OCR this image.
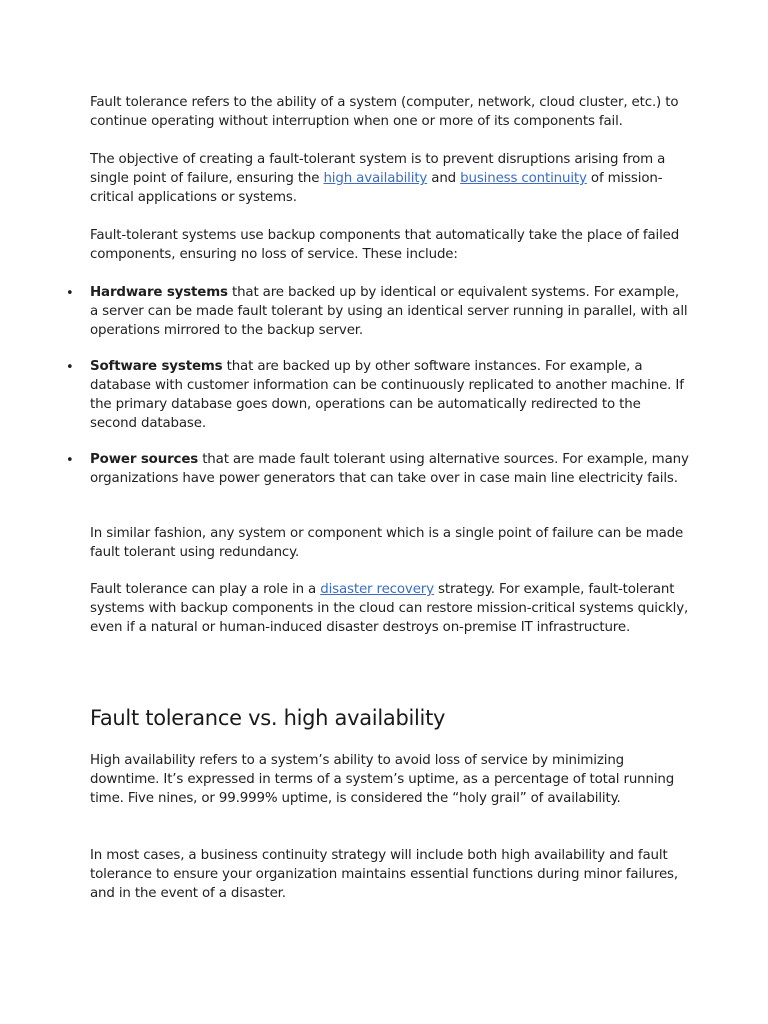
Fault tolerance refers to the ability of a system (computer, network, cloud cluster, etc.) to continue operating without interruption when one or more of its components fail.

The objective of creating a fault-tolerant system is to prevent disruptions arising from a single point of failure, ensuring the high availability and business continuity of mission-critical applications or systems.

Fault-tolerant systems use backup components that automatically take the place of failed components, ensuring no loss of service. These include:

• Hardware systems that are backed up by identical or equivalent systems. For example, a server can be made fault tolerant by using an identical server running in parallel, with all operations mirrored to the backup server.

• Software systems that are backed up by other software instances. For example, a database with customer information can be continuously replicated to another machine. If the primary database goes down, operations can be automatically redirected to the second database.

• Power sources that are made fault tolerant using alternative sources. For example, many organizations have power generators that can take over in case main line electricity fails.

In similar fashion, any system or component which is a single point of failure can be made fault tolerant using redundancy.

Fault tolerance can play a role in a disaster recovery strategy. For example, fault-tolerant systems with backup components in the cloud can restore mission-critical systems quickly, even if a natural or human-induced disaster destroys on-premise IT infrastructure.

Fault tolerance vs. high availability

High availability refers to a system’s ability to avoid loss of service by minimizing downtime. It’s expressed in terms of a system’s uptime, as a percentage of total running time. Five nines, or 99.999% uptime, is considered the “holy grail” of availability.

In most cases, a business continuity strategy will include both high availability and fault tolerance to ensure your organization maintains essential functions during minor failures, and in the event of a disaster.
